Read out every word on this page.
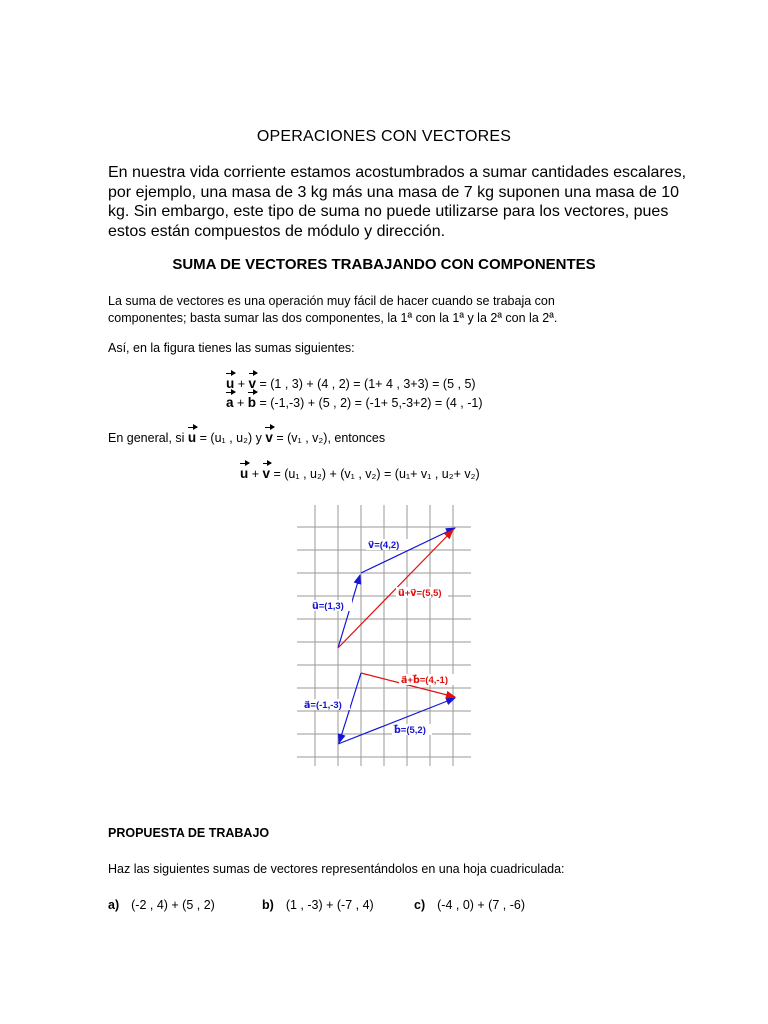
OPERACIONES CON VECTORES
En nuestra vida corriente estamos acostumbrados a sumar cantidades escalares,
por ejemplo, una masa de 3 kg más una masa de 7 kg suponen una masa de 10
kg. Sin embargo, este tipo de suma no puede utilizarse para los vectores, pues
estos están compuestos de módulo y dirección.
SUMA DE VECTORES TRABAJANDO CON COMPONENTES
La suma de vectores es una operación muy fácil de hacer cuando se trabaja con
componentes; basta sumar las dos componentes, la 1ª con la 1ª y la 2ª con la 2ª.
Así, en la figura tienes las sumas siguientes:
u + v = (1 , 3) + (4 , 2) = (1+ 4 , 3+3) = (5 , 5)
a + b = (-1,-3) + (5 , 2) = (-1+ 5,-3+2) = (4 , -1)
En general, si u = (u₁ , u₂) y v = (v₁ , v₂), entonces
u + v = (u₁ , u₂) + (v₁ , v₂) = (u₁+ v₁ , u₂+ v₂)
v⃗=(4,2)
u⃗=(1,3)
u⃗+v⃗=(5,5)
a⃗+b⃗=(4,-1)
a⃗=(-1,-3)
b⃗=(5,2)
PROPUESTA DE TRABAJO
Haz las siguientes sumas de vectores representándolos en una hoja cuadriculada:
a) (-2 , 4) + (5 , 2)	b) (1 , -3) + (-7 , 4)	c) (-4 , 0) + (7 , -6)
